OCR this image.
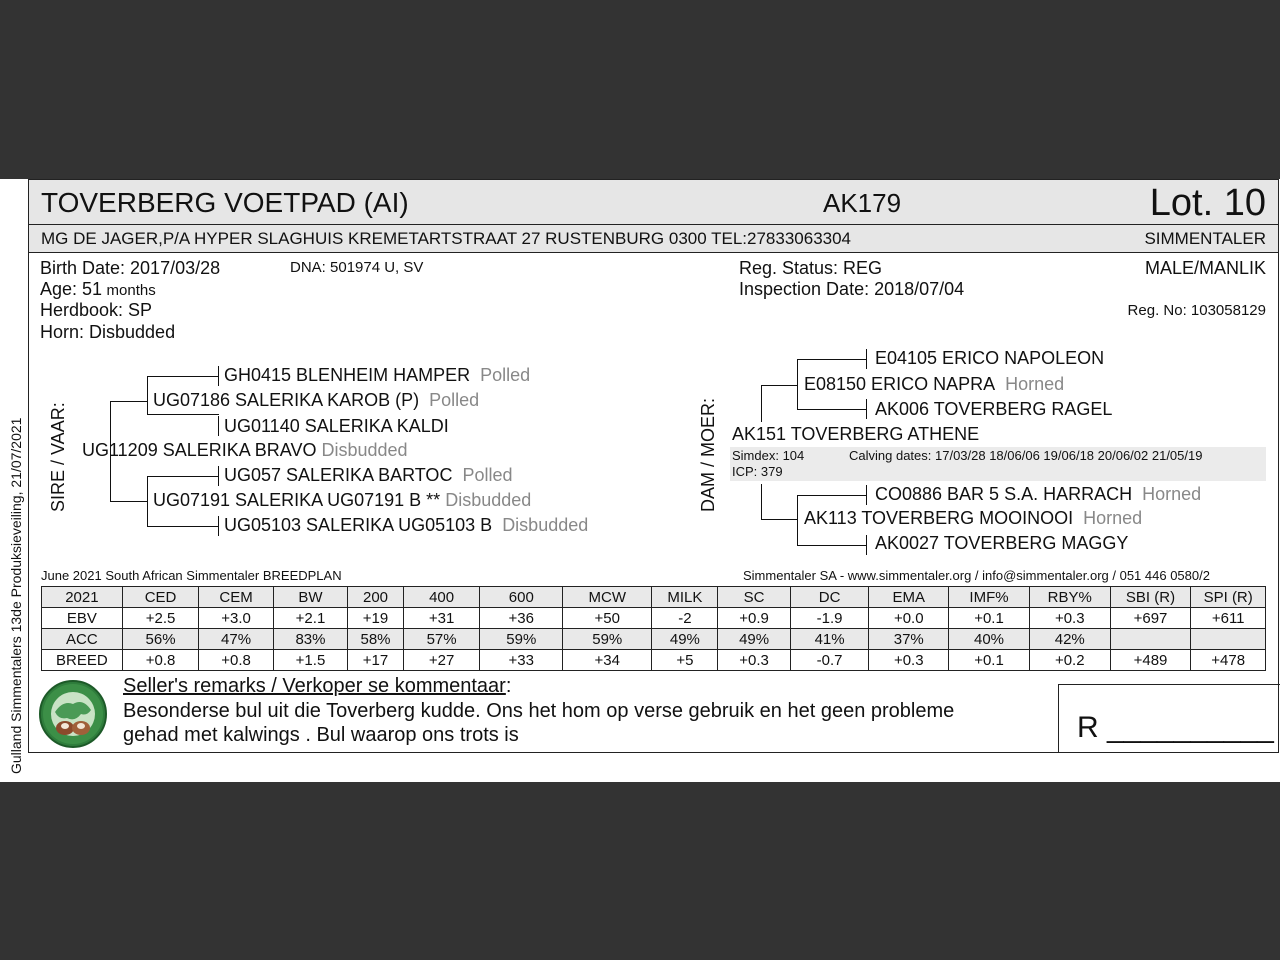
Gulland Simmentalers 13de Produksieveiling, 21/07/2021
TOVERBERG VOETPAD (AI)	AK179	Lot. 10
MG DE JAGER,P/A HYPER SLAGHUIS KREMETARTSTRAAT 27 RUSTENBURG 0300 TEL:27833063304	SIMMENTALER
Birth Date: 2017/03/28	DNA: 501974 U, SV
Age: 51 months
Herdbook: SP
Horn: Disbudded
Reg. Status: REG
Inspection Date: 2018/07/04
MALE/MANLIK
Reg. No: 103058129
SIRE / VAAR:
GH0415 BLENHEIM HAMPER Polled
UG07186 SALERIKA KAROB (P) Polled
UG01140 SALERIKA KALDI
UG11209 SALERIKA BRAVO Disbudded
UG057 SALERIKA BARTOC Polled
UG07191 SALERIKA UG07191 B ** Disbudded
UG05103 SALERIKA UG05103 B Disbudded
DAM / MOER:
E04105 ERICO NAPOLEON
E08150 ERICO NAPRA Horned
AK006 TOVERBERG RAGEL
AK151 TOVERBERG ATHENE
Simdex: 104	Calving dates: 17/03/28 18/06/06 19/06/18 20/06/02 21/05/19
ICP: 379
CO0886 BAR 5 S.A. HARRACH Horned
AK113 TOVERBERG MOOINOOI Horned
AK0027 TOVERBERG MAGGY
June 2021 South African Simmentaler BREEDPLAN	Simmentaler SA - www.simmentaler.org / info@simmentaler.org / 051 446 0580/2
2021	CED	CEM	BW	200	400	600	MCW	MILK	SC	DC	EMA	IMF%	RBY%	SBI (R)	SPI (R)
EBV	+2.5	+3.0	+2.1	+19	+31	+36	+50	-2	+0.9	-1.9	+0.0	+0.1	+0.3	+697	+611
ACC	56%	47%	83%	58%	57%	59%	59%	49%	49%	41%	37%	40%	42%		
BREED	+0.8	+0.8	+1.5	+17	+27	+33	+34	+5	+0.3	-0.7	+0.3	+0.1	+0.2	+489	+478
Seller's remarks / Verkoper se kommentaar:
Besonderse bul uit die Toverberg kudde. Ons het hom op verse gebruik en het geen probleme
gehad met kalwings . Bul waarop ons trots is	R __________
